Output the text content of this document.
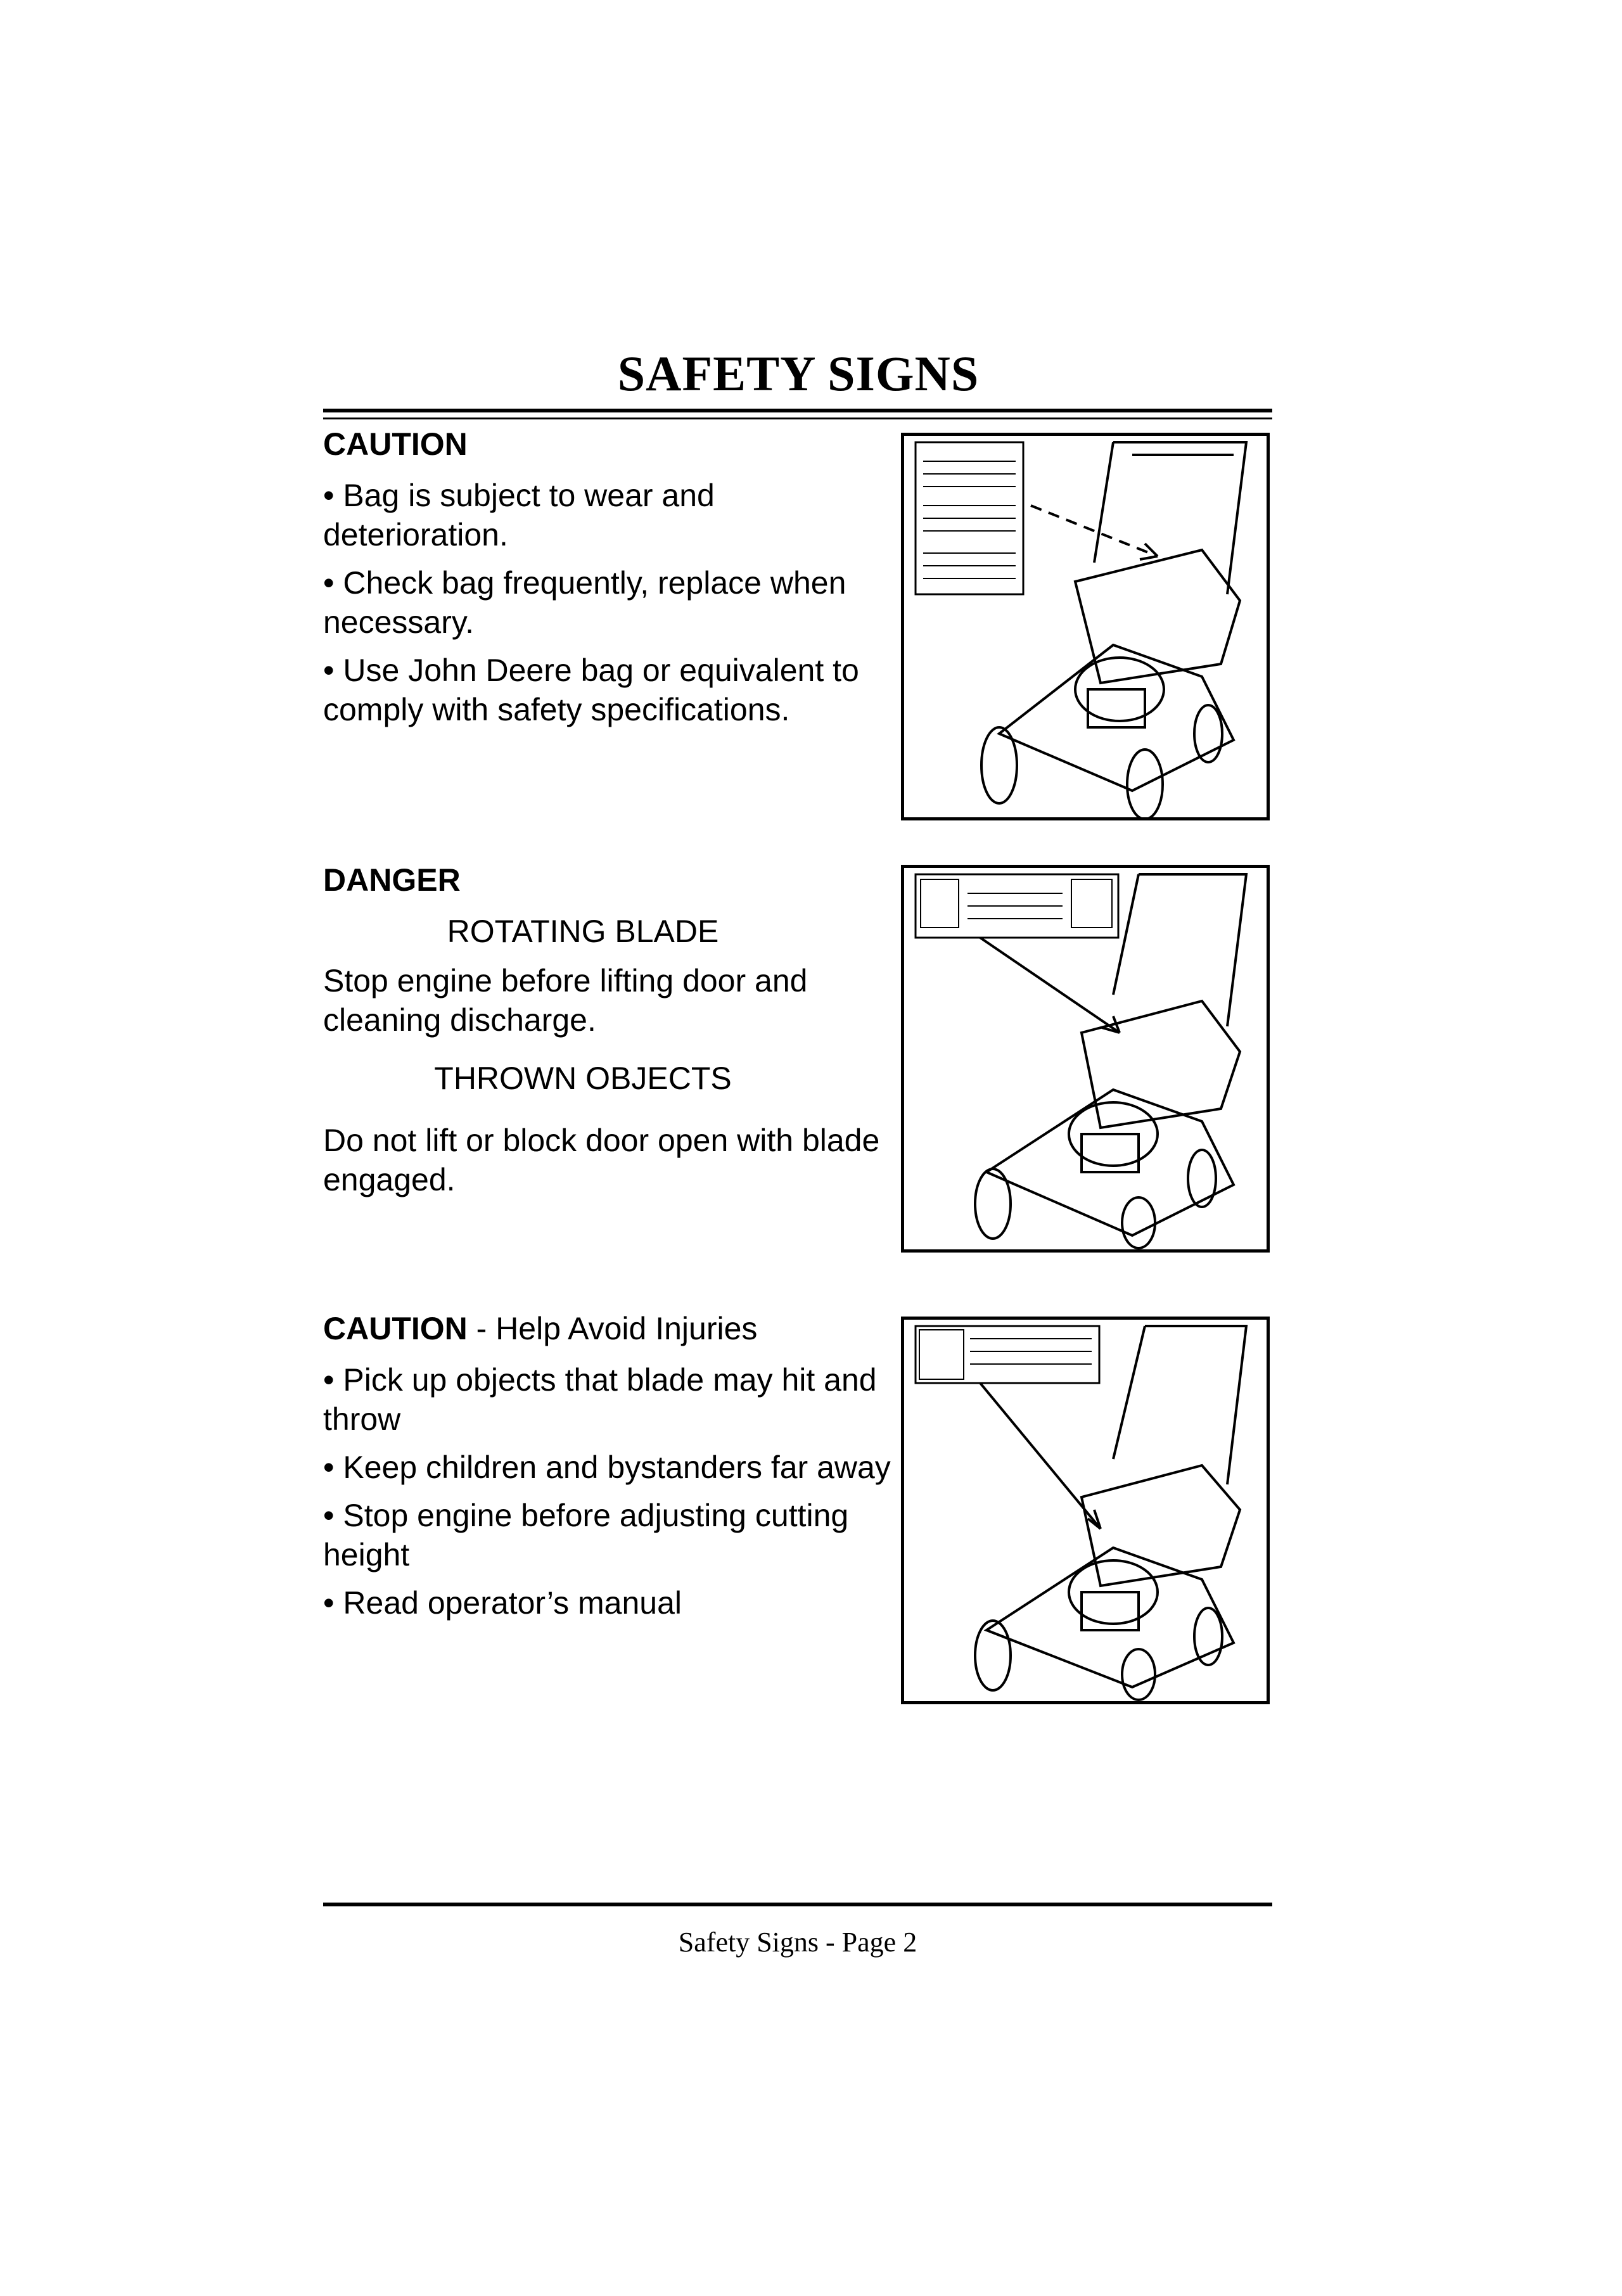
SAFETY SIGNS
CAUTION

• Bag is subject to wear and deterioration.

• Check bag frequently, replace when necessary.

• Use John Deere bag or equivalent to comply with safety specifications.

DANGER

ROTATING BLADE

Stop engine before lifting door and cleaning discharge.

THROWN OBJECTS

Do not lift or block door open with blade engaged.

CAUTION - Help Avoid Injuries

• Pick up objects that blade may hit and throw

• Keep children and bystanders far away

• Stop engine before adjusting cutting height

• Read operator’s manual

Safety Signs - Page 2
